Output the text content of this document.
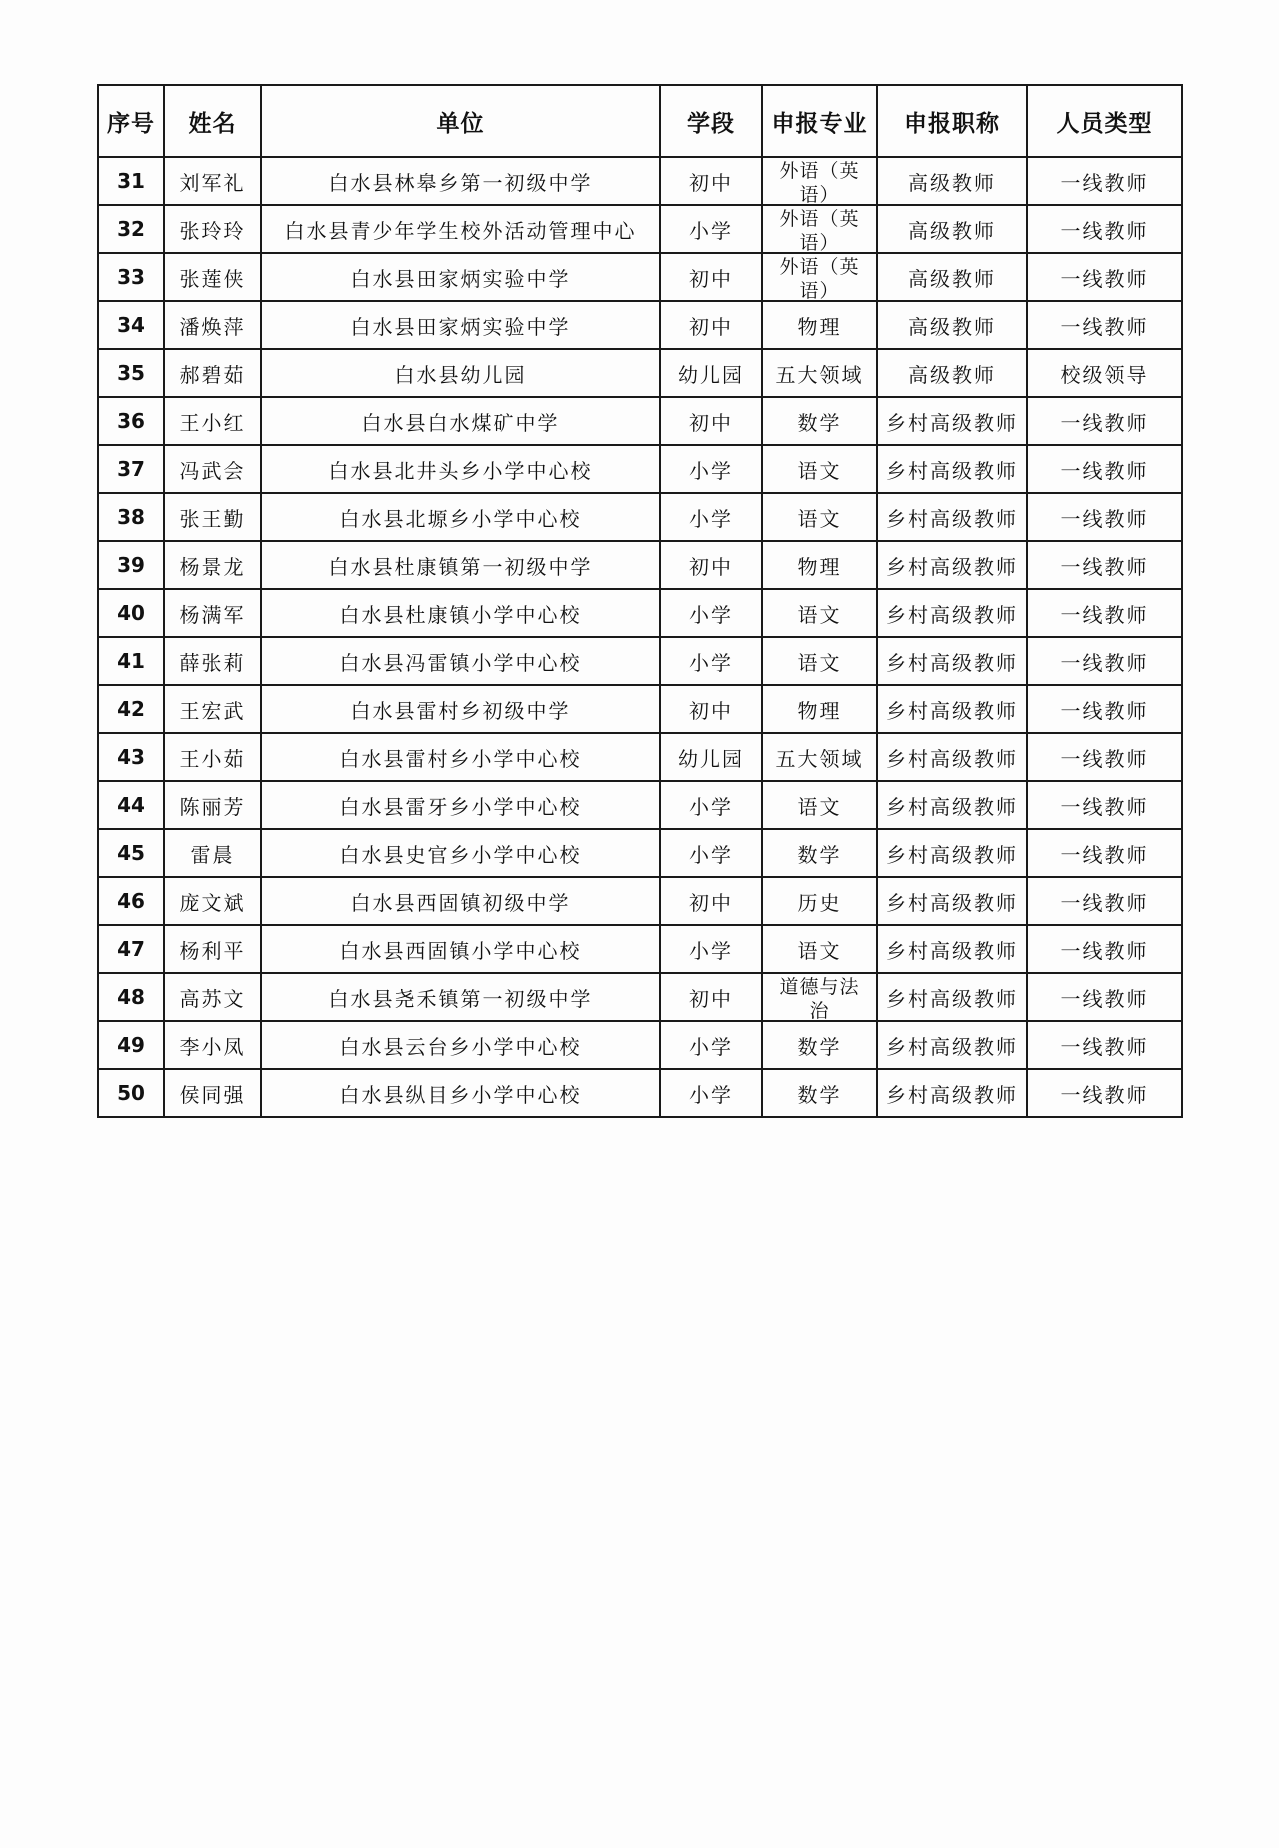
序号	姓名	单位	学段	申报专业	申报职称	人员类型

31	刘军礼	白水县林皋乡第一初级中学	初中	外语（英语）	高级教师	一线教师

32	张玲玲	白水县青少年学生校外活动管理中心	小学	外语（英语）	高级教师	一线教师

33	张莲侠	白水县田家炳实验中学	初中	外语（英语）	高级教师	一线教师

34	潘焕萍	白水县田家炳实验中学	初中	物理	高级教师	一线教师

35	郝碧茹	白水县幼儿园	幼儿园	五大领域	高级教师	校级领导

36	王小红	白水县白水煤矿中学	初中	数学	乡村高级教师	一线教师

37	冯武会	白水县北井头乡小学中心校	小学	语文	乡村高级教师	一线教师

38	张王勤	白水县北塬乡小学中心校	小学	语文	乡村高级教师	一线教师

39	杨景龙	白水县杜康镇第一初级中学	初中	物理	乡村高级教师	一线教师

40	杨满军	白水县杜康镇小学中心校	小学	语文	乡村高级教师	一线教师

41	薛张莉	白水县冯雷镇小学中心校	小学	语文	乡村高级教师	一线教师

42	王宏武	白水县雷村乡初级中学	初中	物理	乡村高级教师	一线教师

43	王小茹	白水县雷村乡小学中心校	幼儿园	五大领域	乡村高级教师	一线教师

44	陈丽芳	白水县雷牙乡小学中心校	小学	语文	乡村高级教师	一线教师

45	雷晨	白水县史官乡小学中心校	小学	数学	乡村高级教师	一线教师

46	庞文斌	白水县西固镇初级中学	初中	历史	乡村高级教师	一线教师

47	杨利平	白水县西固镇小学中心校	小学	语文	乡村高级教师	一线教师

48	高苏文	白水县尧禾镇第一初级中学	初中	道德与法治	乡村高级教师	一线教师

49	李小凤	白水县云台乡小学中心校	小学	数学	乡村高级教师	一线教师

50	侯同强	白水县纵目乡小学中心校	小学	数学	乡村高级教师	一线教师
